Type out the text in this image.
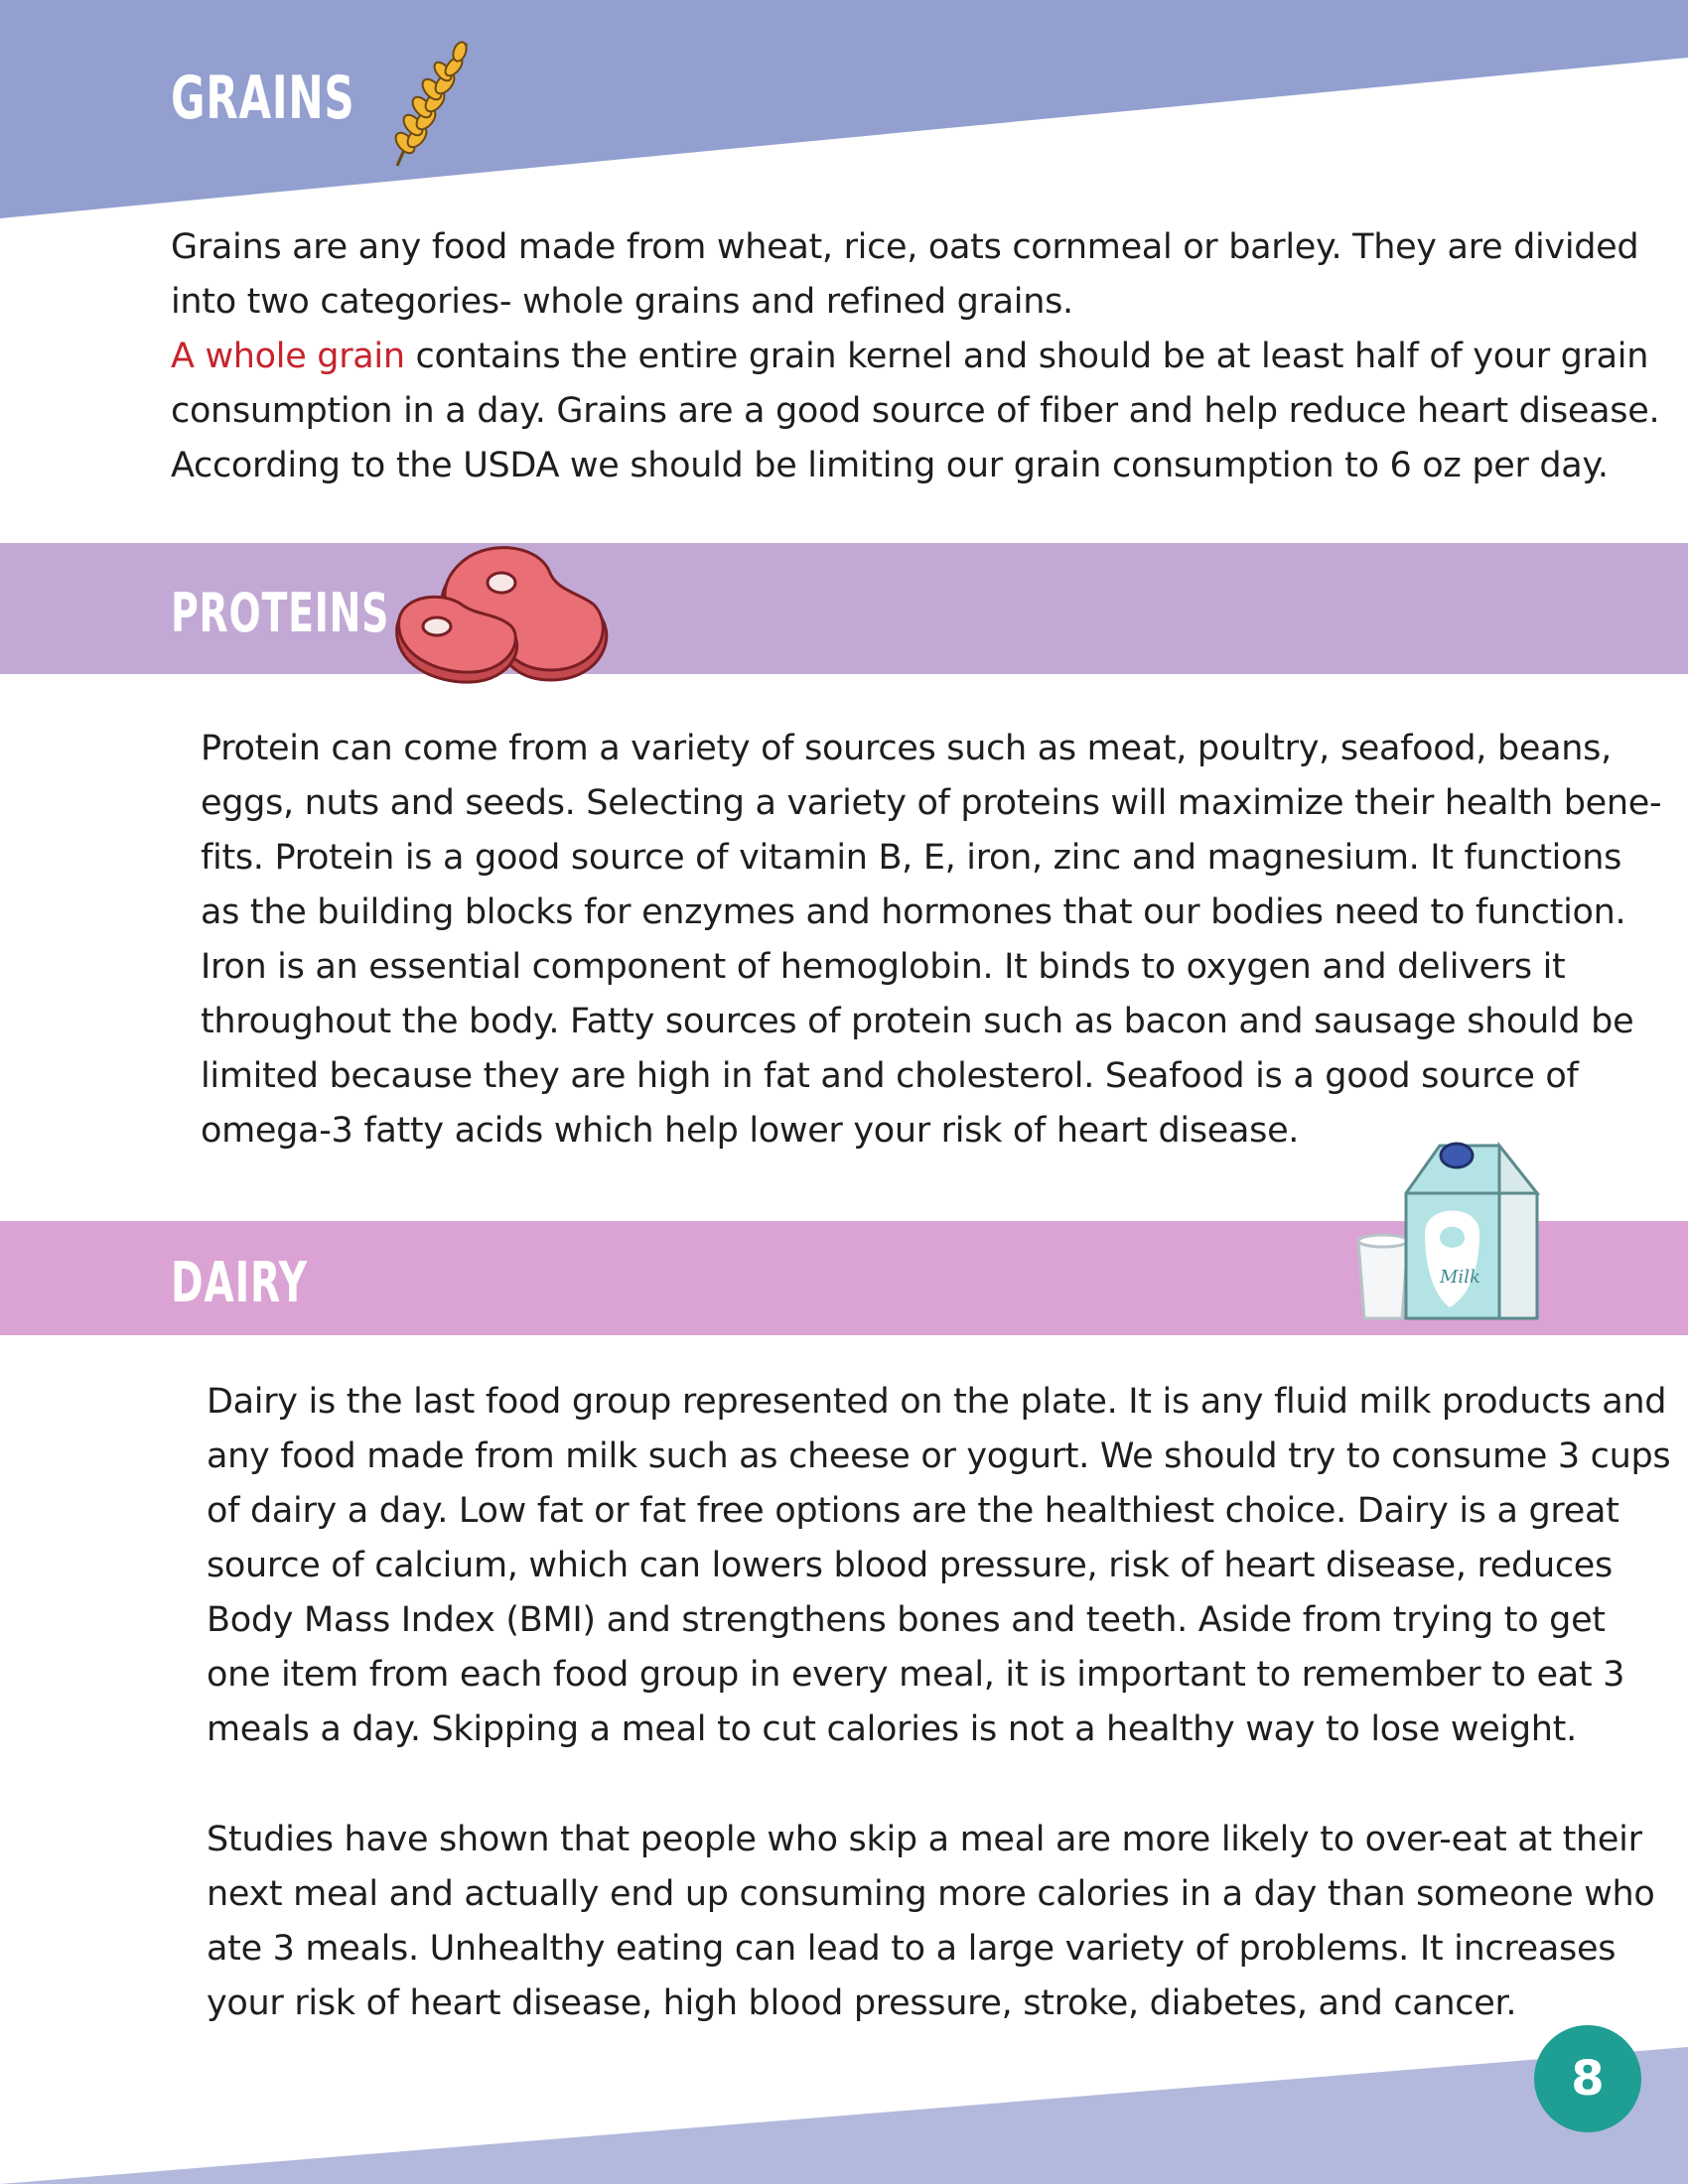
GRAINS

Grains are any food made from wheat, rice, oats cornmeal or barley. They are divided
into two categories- whole grains and refined grains.
A whole grain contains the entire grain kernel and should be at least half of your grain
consumption in a day. Grains are a good source of fiber and help reduce heart disease.
According to the USDA we should be limiting our grain consumption to 6 oz per day.

PROTEINS

Protein can come from a variety of sources such as meat, poultry, seafood, beans,
eggs, nuts and seeds. Selecting a variety of proteins will maximize their health bene-
fits. Protein is a good source of vitamin B, E, iron, zinc and magnesium. It functions
as the building blocks for enzymes and hormones that our bodies need to function.
Iron is an essential component of hemoglobin. It binds to oxygen and delivers it
throughout the body. Fatty sources of protein such as bacon and sausage should be
limited because they are high in fat and cholesterol. Seafood is a good source of
omega-3 fatty acids which help lower your risk of heart disease.

DAIRY	Milk

Dairy is the last food group represented on the plate. It is any fluid milk products and
any food made from milk such as cheese or yogurt. We should try to consume 3 cups
of dairy a day. Low fat or fat free options are the healthiest choice. Dairy is a great
source of calcium, which can lowers blood pressure, risk of heart disease, reduces
Body Mass Index (BMI) and strengthens bones and teeth. Aside from trying to get
one item from each food group in every meal, it is important to remember to eat 3
meals a day. Skipping a meal to cut calories is not a healthy way to lose weight.

Studies have shown that people who skip a meal are more likely to over-eat at their
next meal and actually end up consuming more calories in a day than someone who
ate 3 meals. Unhealthy eating can lead to a large variety of problems. It increases
your risk of heart disease, high blood pressure, stroke, diabetes, and cancer.

8
